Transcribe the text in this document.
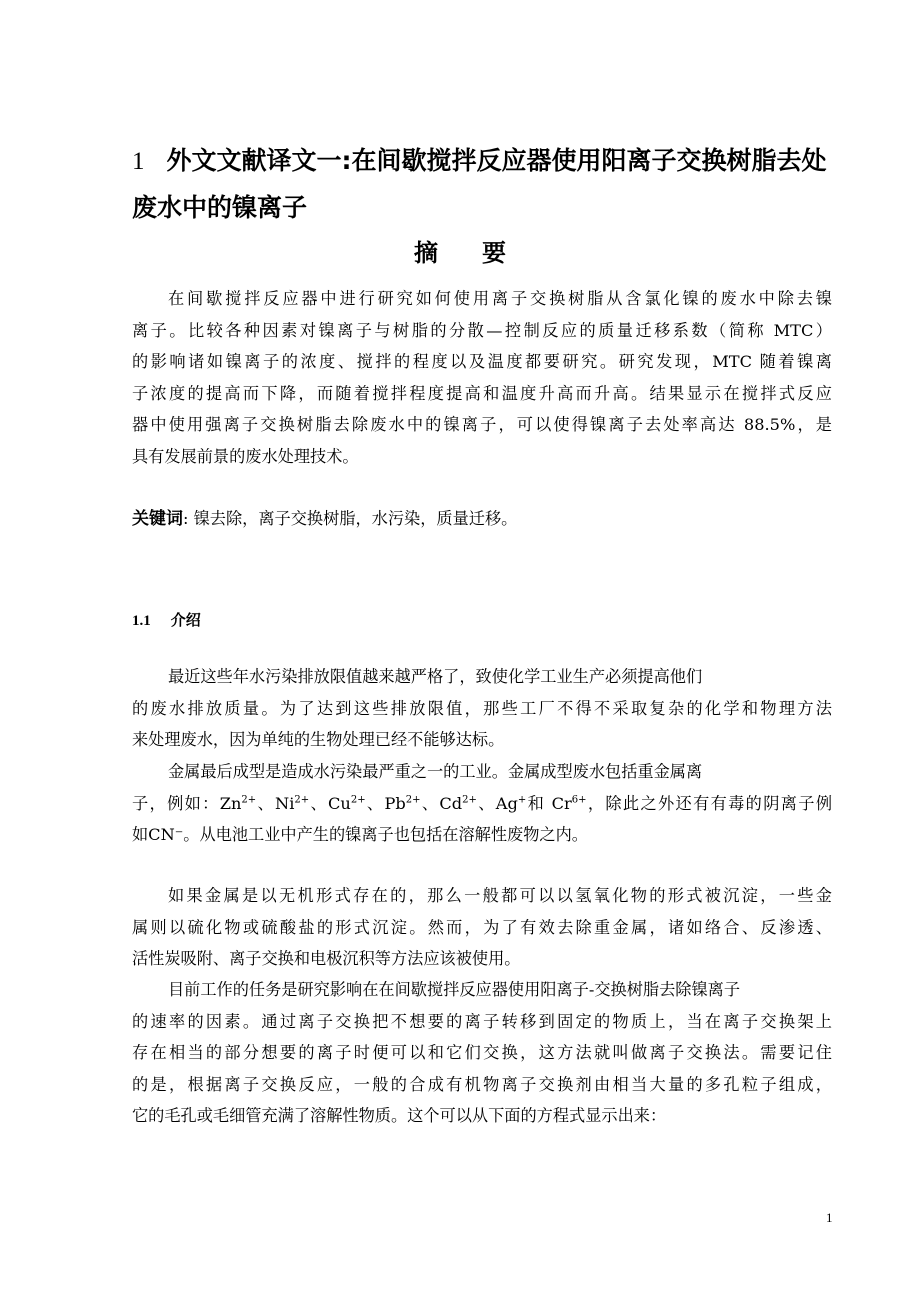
1 外文文献译文一:在间歇搅拌反应器使用阳离子交换树脂去处
废水中的镍离子
摘要
在间歇搅拌反应器中进行研究如何使用离子交换树脂从含氯化镍的废水中除去镍
离子。比较各种因素对镍离子与树脂的分散—控制反应的质量迁移系数（简称 MTC）
的影响诸如镍离子的浓度、搅拌的程度以及温度都要研究。研究发现，MTC 随着镍离
子浓度的提高而下降，而随着搅拌程度提高和温度升高而升高。结果显示在搅拌式反应
器中使用强离子交换树脂去除废水中的镍离子，可以使得镍离子去处率高达 88.5%，是
具有发展前景的废水处理技术。
关键词: 镍去除，离子交换树脂，水污染，质量迁移。
1.1 介绍
最近这些年水污染排放限值越来越严格了，致使化学工业生产必须提高他们
的废水排放质量。为了达到这些排放限值，那些工厂不得不采取复杂的化学和物理方法
来处理废水，因为单纯的生物处理已经不能够达标。
金属最后成型是造成水污染最严重之一的工业。金属成型废水包括重金属离
子，例如：$Zn^{2+}$、$Ni^{2+}$、$Cu^{2+}$、$Pb^{2+}$、$Cd^{2+}$、Ag+和 $Cr^{6+}$，除此之外还有有毒的阴离子例
如CN⁻。从电池工业中产生的镍离子也包括在溶解性废物之内。
如果金属是以无机形式存在的，那么一般都可以以氢氧化物的形式被沉淀，一些金
属则以硫化物或硫酸盐的形式沉淀。然而，为了有效去除重金属，诸如络合、反渗透、
活性炭吸附、离子交换和电极沉积等方法应该被使用。
目前工作的任务是研究影响在在间歇搅拌反应器使用阳离子-交换树脂去除镍离子
的速率的因素。通过离子交换把不想要的离子转移到固定的物质上，当在离子交换架上
存在相当的部分想要的离子时便可以和它们交换，这方法就叫做离子交换法。需要记住
的是，根据离子交换反应，一般的合成有机物离子交换剂由相当大量的多孔粒子组成，
它的毛孔或毛细管充满了溶解性物质。这个可以从下面的方程式显示出来：
1
